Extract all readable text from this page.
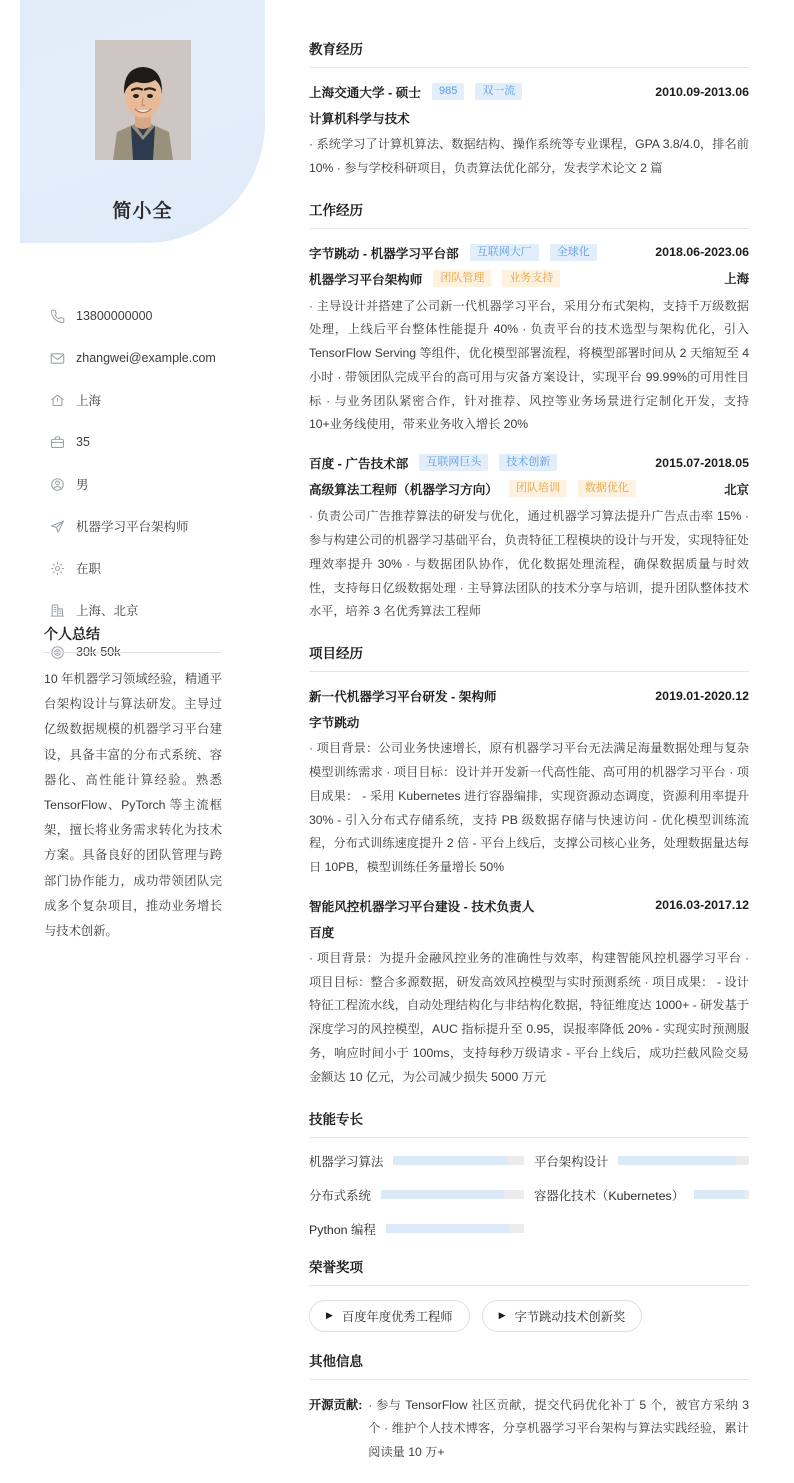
简小全
13800000000
zhangwei@example.com
上海
35
男
机器学习平台架构师
在职
上海、北京
30k-50k
个人总结
10 年机器学习领域经验，精通平台架构设计与算法研发。主导过亿级数据规模的机器学习平台建设，具备丰富的分布式系统、容器化、高性能计算经验。熟悉 TensorFlow、PyTorch 等主流框架，擅长将业务需求转化为技术方案。具备良好的团队管理与跨部门协作能力，成功带领团队完成多个复杂项目，推动业务增长与技术创新。
教育经历
上海交通大学 - 硕士	985	双一流	2010.09-2013.06
计算机科学与技术
· 系统学习了计算机算法、数据结构、操作系统等专业课程，GPA 3.8/4.0，排名前 10% · 参与学校科研项目，负责算法优化部分，发表学术论文 2 篇
工作经历
字节跳动 - 机器学习平台部	互联网大厂	全球化	2018.06-2023.06
机器学习平台架构师	团队管理	业务支持	上海
· 主导设计并搭建了公司新一代机器学习平台，采用分布式架构，支持千万级数据处理，上线后平台整体性能提升 40% · 负责平台的技术选型与架构优化，引入 TensorFlow Serving 等组件，优化模型部署流程，将模型部署时间从 2 天缩短至 4 小时 · 带领团队完成平台的高可用与灾备方案设计，实现平台 99.99%的可用性目标 · 与业务团队紧密合作，针对推荐、风控等业务场景进行定制化开发，支持 10+业务线使用，带来业务收入增长 20%
百度 - 广告技术部	互联网巨头	技术创新	2015.07-2018.05
高级算法工程师（机器学习方向）	团队培训	数据优化	北京
· 负责公司广告推荐算法的研发与优化，通过机器学习算法提升广告点击率 15% · 参与构建公司的机器学习基础平台，负责特征工程模块的设计与开发，实现特征处理效率提升 30% · 与数据团队协作，优化数据处理流程，确保数据质量与时效性，支持每日亿级数据处理 · 主导算法团队的技术分享与培训，提升团队整体技术水平，培养 3 名优秀算法工程师
项目经历
新一代机器学习平台研发 - 架构师	2019.01-2020.12
字节跳动
· 项目背景：公司业务快速增长，原有机器学习平台无法满足海量数据处理与复杂模型训练需求 · 项目目标：设计并开发新一代高性能、高可用的机器学习平台 · 项目成果： - 采用 Kubernetes 进行容器编排，实现资源动态调度，资源利用率提升 30% - 引入分布式存储系统，支持 PB 级数据存储与快速访问 - 优化模型训练流程，分布式训练速度提升 2 倍 - 平台上线后，支撑公司核心业务，处理数据量达每日 10PB，模型训练任务量增长 50%
智能风控机器学习平台建设 - 技术负责人	2016.03-2017.12
百度
· 项目背景：为提升金融风控业务的准确性与效率，构建智能风控机器学习平台 · 项目目标：整合多源数据，研发高效风控模型与实时预测系统 · 项目成果： - 设计特征工程流水线，自动处理结构化与非结构化数据，特征维度达 1000+ - 研发基于深度学习的风控模型，AUC 指标提升至 0.95，误报率降低 20% - 实现实时预测服务，响应时间小于 100ms，支持每秒万级请求 - 平台上线后，成功拦截风险交易金额达 10 亿元，为公司减少损失 5000 万元
技能专长
机器学习算法	平台架构设计
分布式系统	容器化技术（Kubernetes）
Python 编程
荣誉奖项
▶ 百度年度优秀工程师	▶ 字节跳动技术创新奖
其他信息
开源贡献: · 参与 TensorFlow 社区贡献，提交代码优化补丁 5 个，被官方采纳 3 个 · 维护个人技术博客，分享机器学习平台架构与算法实践经验，累计阅读量 10 万+
